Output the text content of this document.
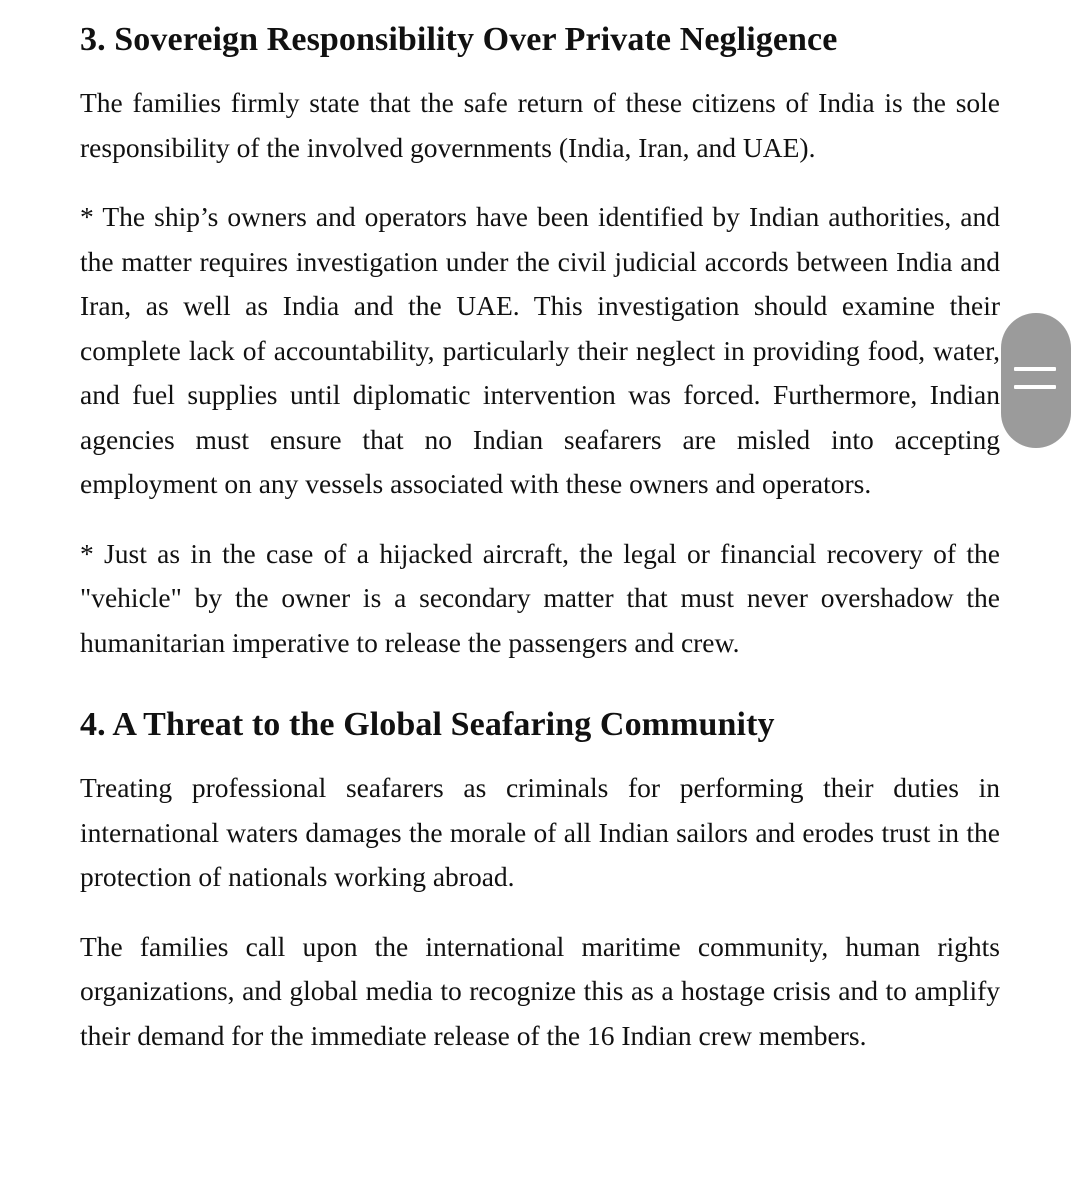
3. Sovereign Responsibility Over Private Negligence

The families firmly state that the safe return of these citizens of India is the sole responsibility of the involved governments (India, Iran, and UAE).

* The ship’s owners and operators have been identified by Indian authorities, and the matter requires investigation under the civil judicial accords between India and Iran, as well as India and the UAE. This investigation should examine their complete lack of accountability, particularly their neglect in providing food, water, and fuel supplies until diplomatic intervention was forced. Furthermore, Indian agencies must ensure that no Indian seafarers are misled into accepting employment on any vessels associated with these owners and operators.

* Just as in the case of a hijacked aircraft, the legal or financial recovery of the "vehicle" by the owner is a secondary matter that must never overshadow the humanitarian imperative to release the passengers and crew.

4. A Threat to the Global Seafaring Community

Treating professional seafarers as criminals for performing their duties in international waters damages the morale of all Indian sailors and erodes trust in the protection of nationals working abroad.

The families call upon the international maritime community, human rights organizations, and global media to recognize this as a hostage crisis and to amplify their demand for the immediate release of the 16 Indian crew members.
